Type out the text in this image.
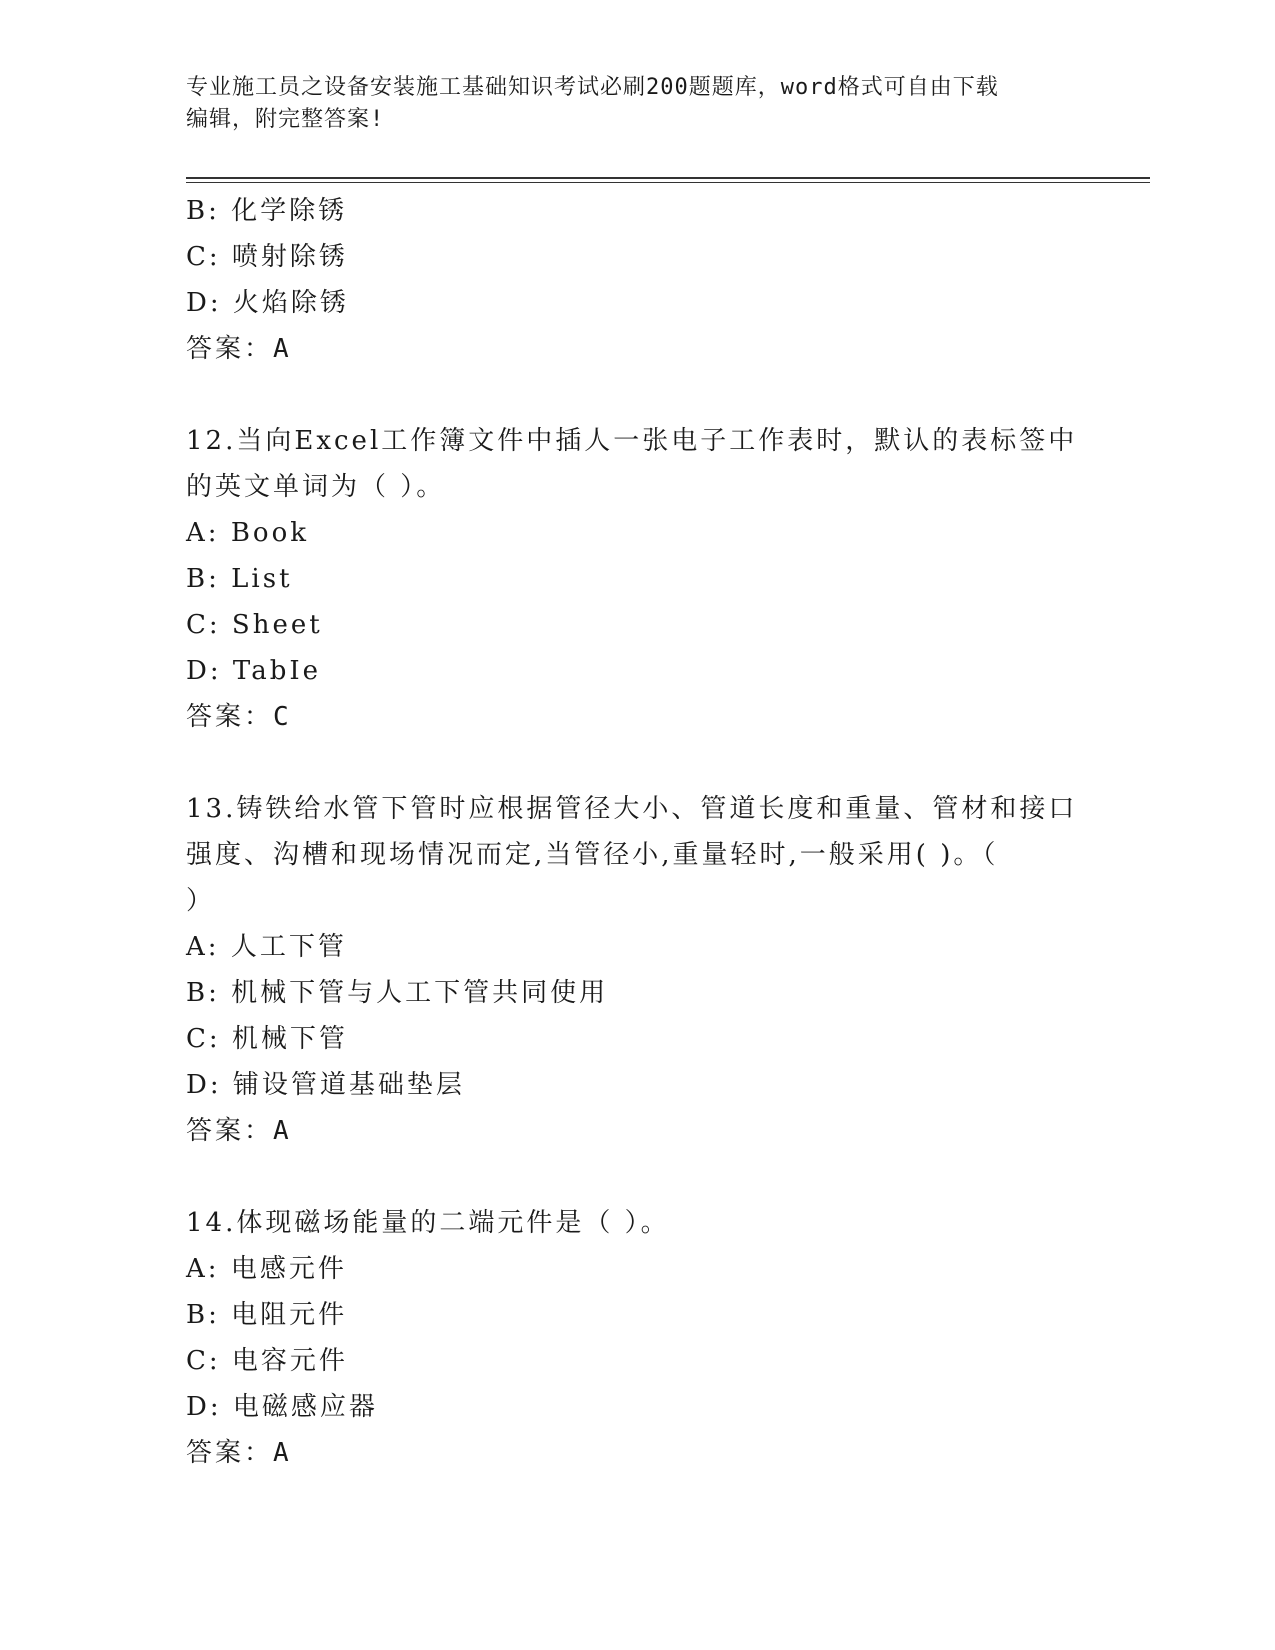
专业施工员之设备安装施工基础知识考试必刷200题题库，word格式可自由下载
编辑，附完整答案!
B: 化学除锈
C: 喷射除锈
D: 火焰除锈
答案：A
12.当向Excel工作簿文件中插人一张电子工作表时，默认的表标签中
的英文单词为（ ）。
A: Book
B: List
C: Sheet
D: TabIe
答案：C
13.铸铁给水管下管时应根据管径大小、管道长度和重量、管材和接口
强度、沟槽和现场情况而定,当管径小,重量轻时,一般采用( )。（
）
A: 人工下管
B: 机械下管与人工下管共同使用
C: 机械下管
D: 铺设管道基础垫层
答案：A
14.体现磁场能量的二端元件是（ ）。
A: 电感元件
B: 电阻元件
C: 电容元件
D: 电磁感应器
答案：A
